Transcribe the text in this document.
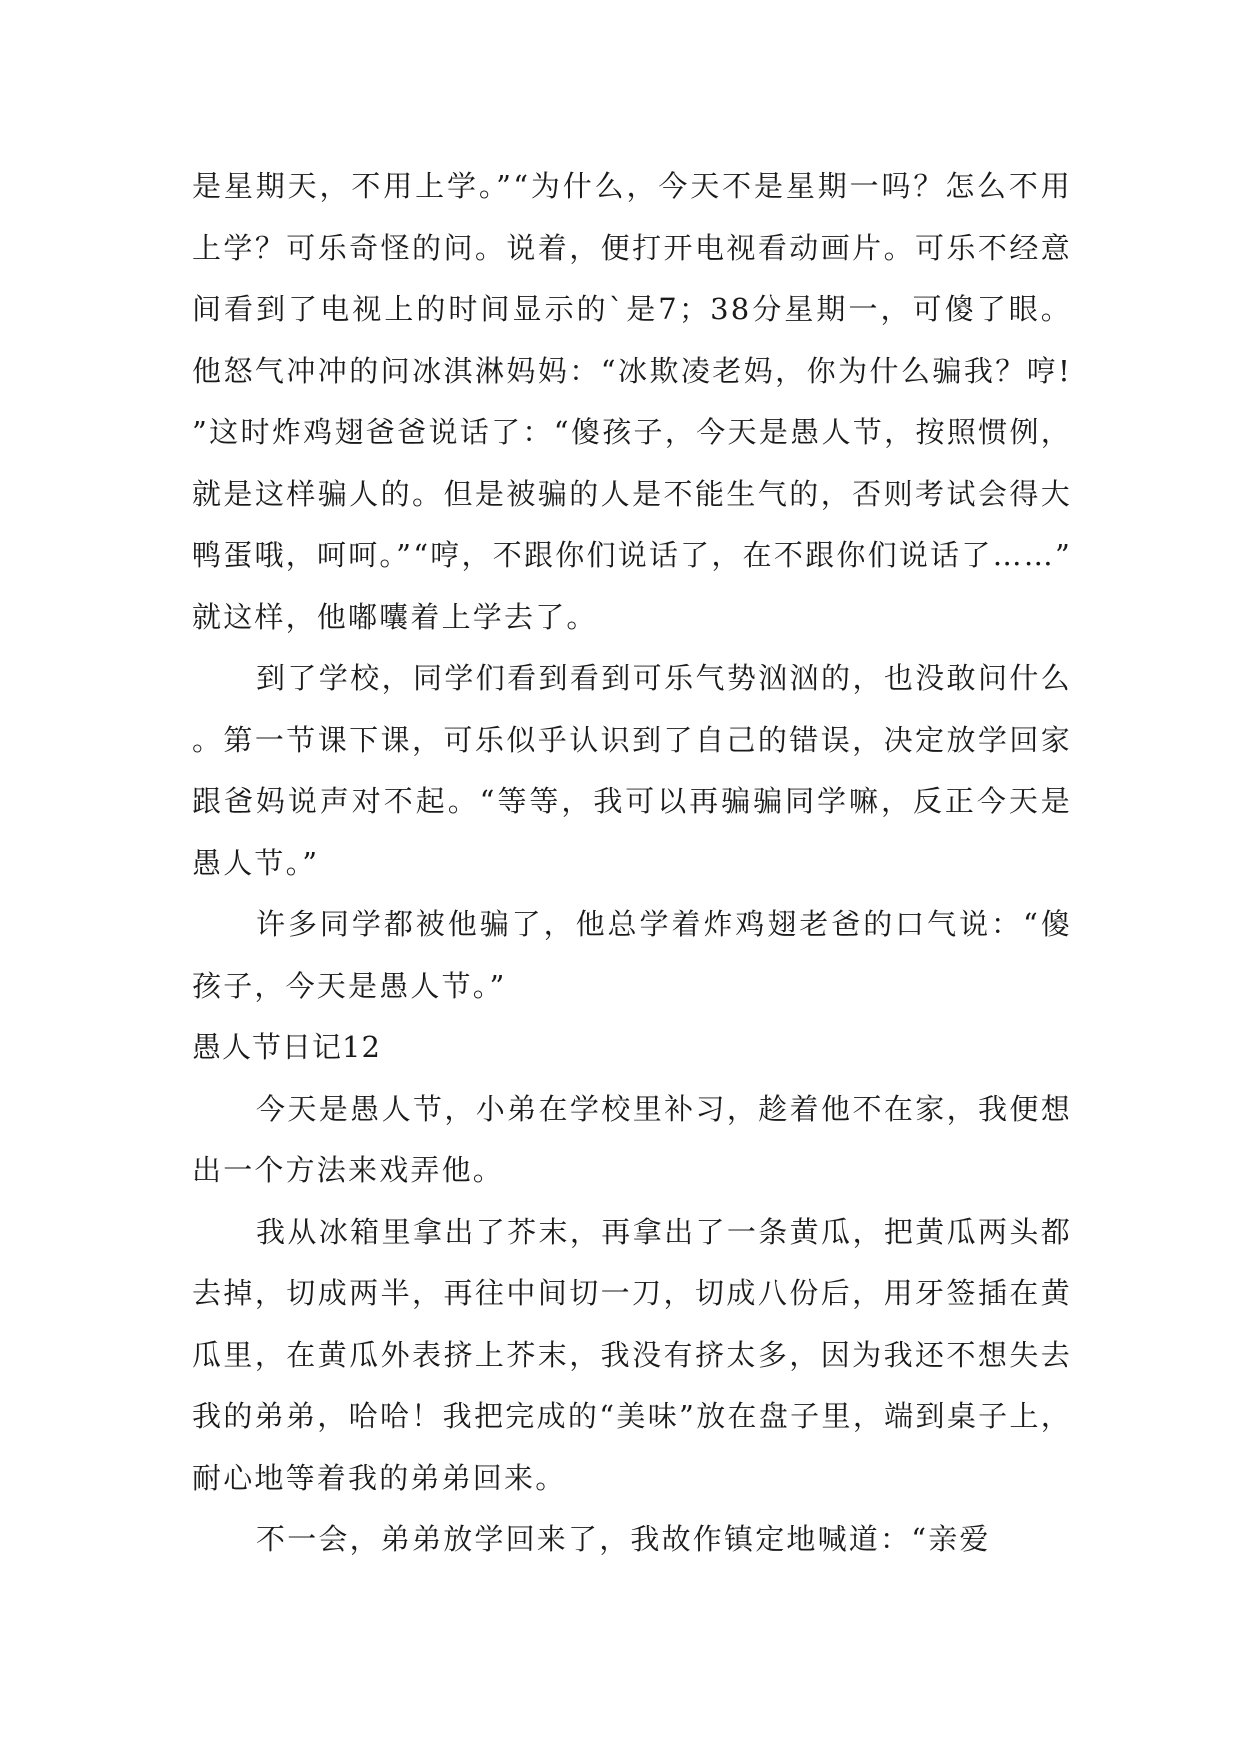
是星期天，不用上学。”“为什么，今天不是星期一吗？怎么不用上学？可乐奇怪的问。说着，便打开电视看动画片。可乐不经意间看到了电视上的时间显示的`是7；38分星期一，可傻了眼。他怒气冲冲的问冰淇淋妈妈：“冰欺凌老妈，你为什么骗我？哼!”这时炸鸡翅爸爸说话了：“傻孩子，今天是愚人节，按照惯例，就是这样骗人的。但是被骗的人是不能生气的，否则考试会得大鸭蛋哦，呵呵。”“哼，不跟你们说话了，在不跟你们说话了……”就这样，他嘟囔着上学去了。

到了学校，同学们看到看到可乐气势汹汹的，也没敢问什么。第一节课下课，可乐似乎认识到了自己的错误，决定放学回家跟爸妈说声对不起。“等等，我可以再骗骗同学嘛，反正今天是愚人节。”

许多同学都被他骗了，他总学着炸鸡翅老爸的口气说：“傻孩子，今天是愚人节。”

愚人节日记12

今天是愚人节，小弟在学校里补习，趁着他不在家，我便想出一个方法来戏弄他。

我从冰箱里拿出了芥末，再拿出了一条黄瓜，把黄瓜两头都去掉，切成两半，再往中间切一刀，切成八份后，用牙签插在黄瓜里，在黄瓜外表挤上芥末，我没有挤太多，因为我还不想失去我的弟弟，哈哈！我把完成的“美味”放在盘子里，端到桌子上，耐心地等着我的弟弟回来。

不一会，弟弟放学回来了，我故作镇定地喊道：“亲爱
